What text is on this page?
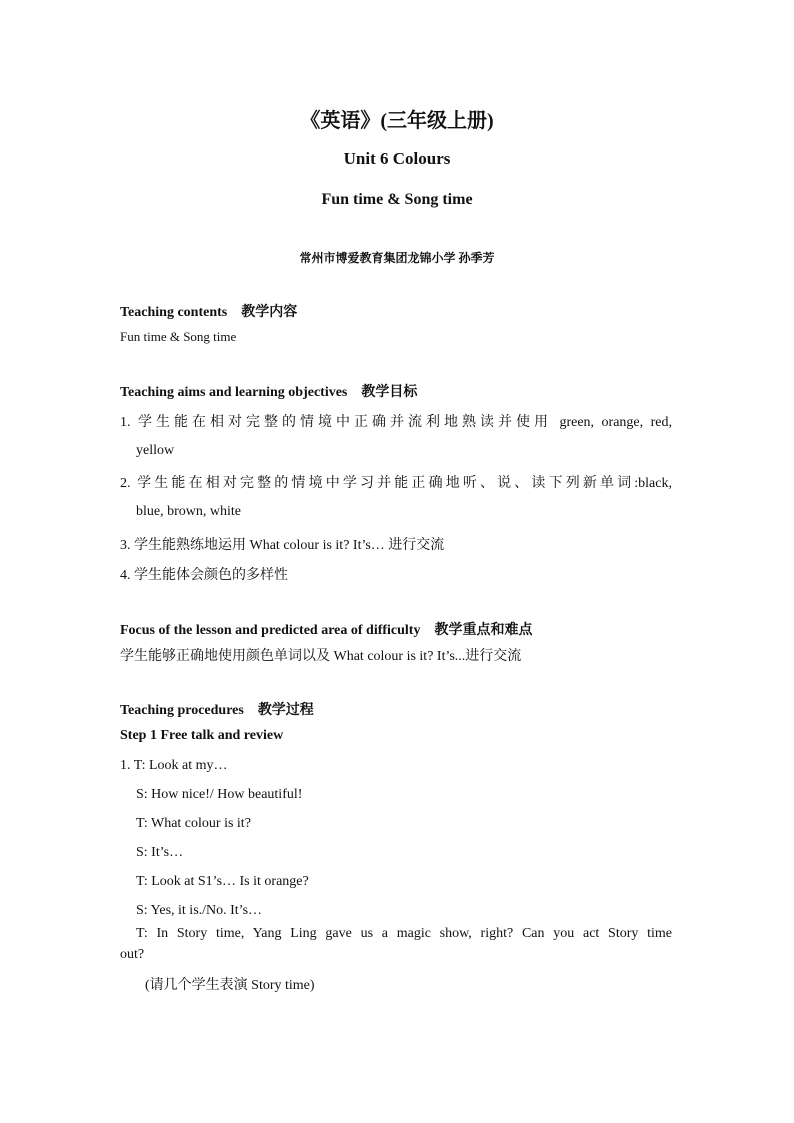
《英语》(三年级上册)
Unit 6 Colours
Fun time & Song time
常州市博爱教育集团龙锦小学 孙季芳
Teaching contents 教学内容
Fun time & Song time
Teaching aims and learning objectives 教学目标
1. 学生能在相对完整的情境中正确并流利地熟读并使用 green, orange, red,
yellow
2. 学生能在相对完整的情境中学习并能正确地听、说、读下列新单词:black,
blue, brown, white
3. 学生能熟练地运用 What colour is it? It’s… 进行交流
4. 学生能体会颜色的多样性
Focus of the lesson and predicted area of difficulty 教学重点和难点
学生能够正确地使用颜色单词以及 What colour is it? It’s...进行交流
Teaching procedures 教学过程
Step 1 Free talk and review
1. T: Look at my…
S: How nice!/ How beautiful!
T: What colour is it?
S: It’s…
T: Look at S1’s… Is it orange?
S: Yes, it is./No. It’s…
T: In Story time, Yang Ling gave us a magic show, right? Can you act Story time
out?
(请几个学生表演 Story time)
